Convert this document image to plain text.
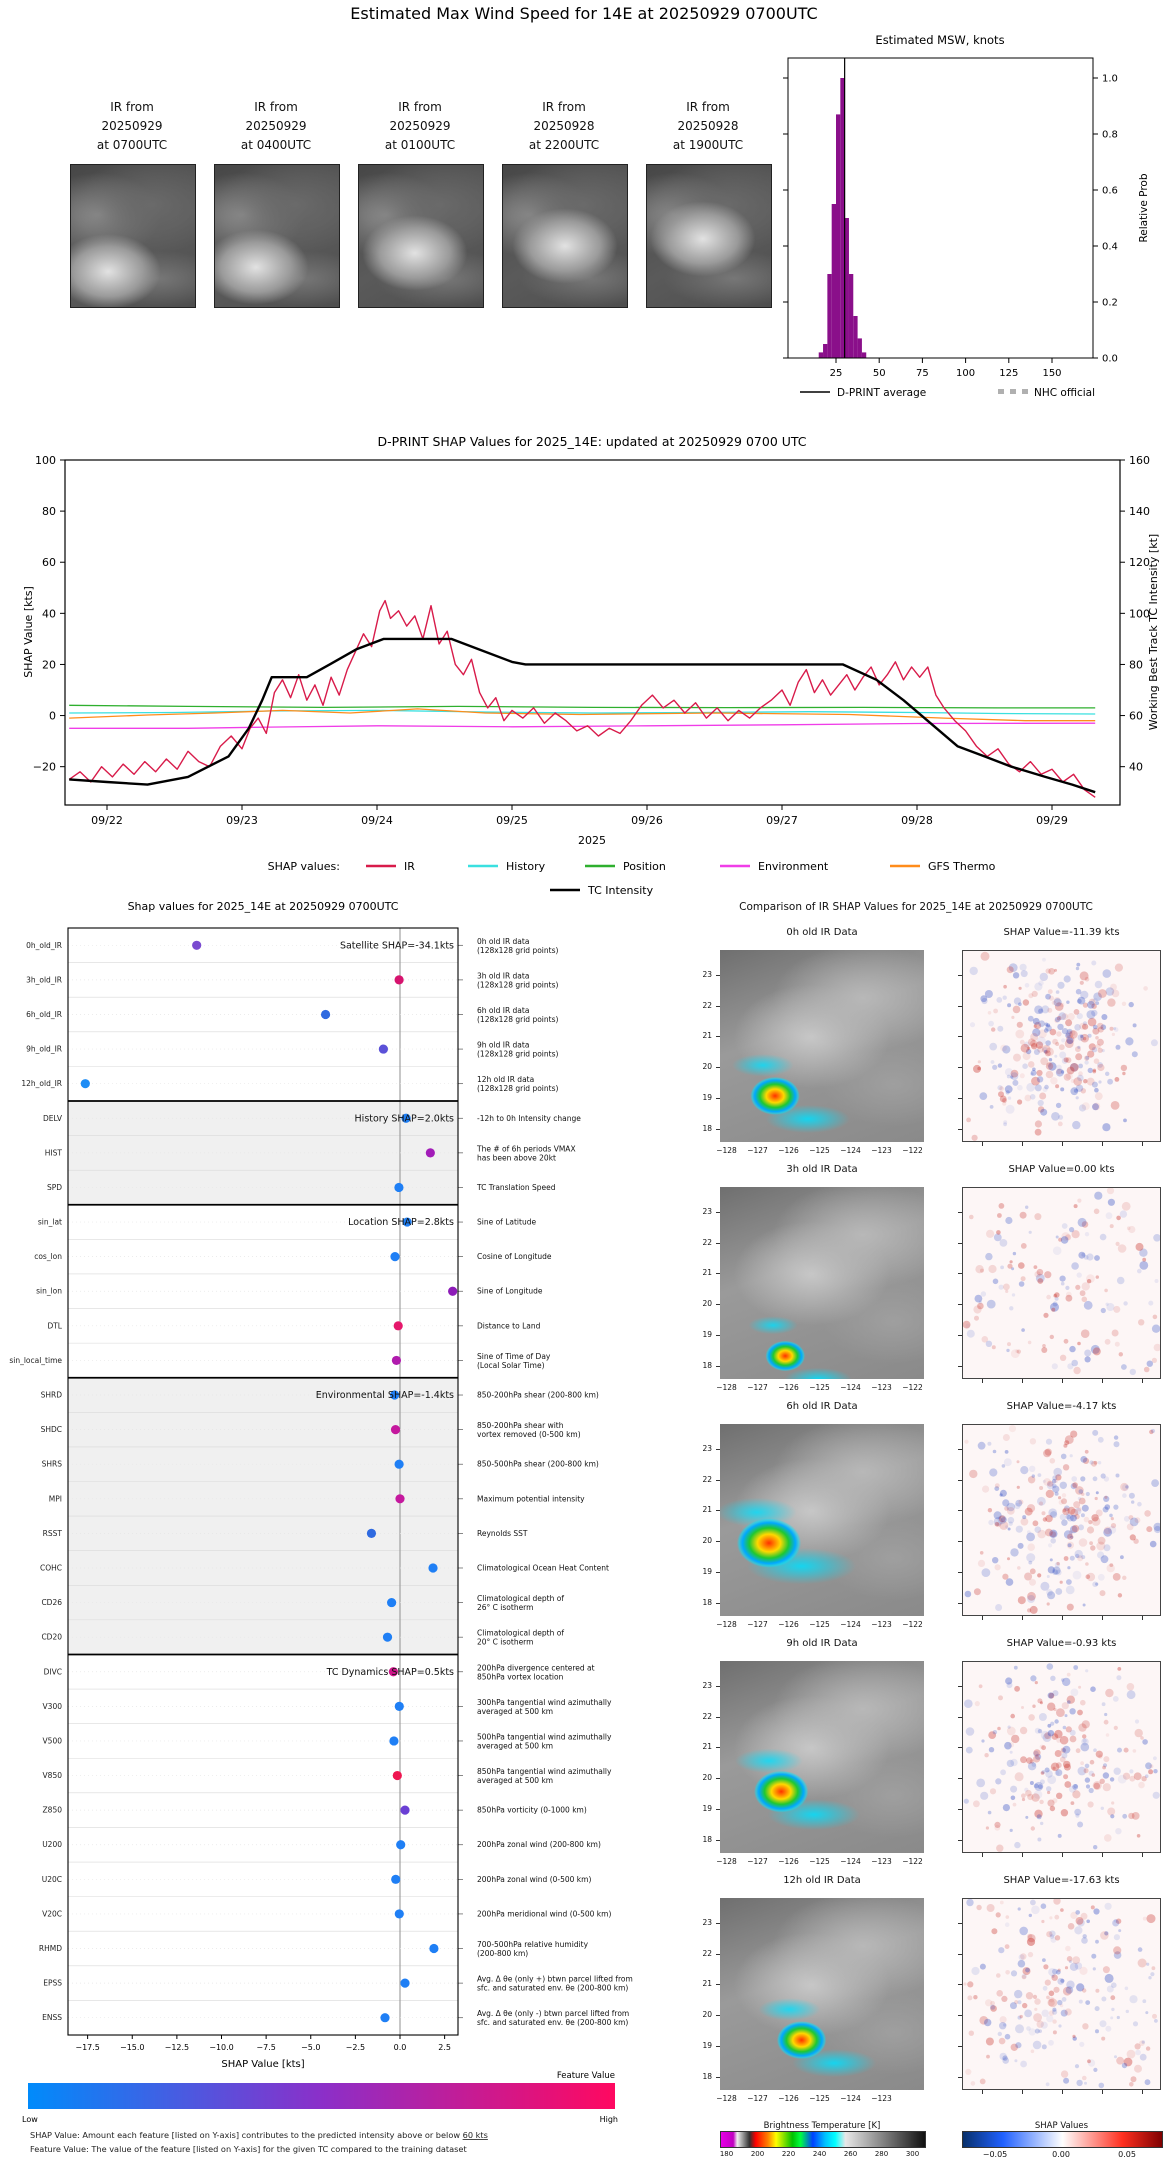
Estimated Max Wind Speed for 14E at 20250929 0700UTC
IR from
20250929
at 0700UTC
IR from
20250929
at 0400UTC
IR from
20250929
at 0100UTC
IR from
20250928
at 2200UTC
IR from
20250928
at 1900UTC
Estimated MSW, knots
0.0
0.2
0.4
0.6
0.8
1.0
Relative Prob
25	50	75	100 125 150
D-PRINT average	NHC official
D-PRINT SHAP Values for 2025_14E: updated at 20250929 0700 UTC
100
80
60
40
20
0
−20
160
140
120
100
80
60
40
SHAP Value [kts]	Working Best Track TC Intensity [kt]
09/22	09/23	09/24	09/25	09/26	09/27	09/28	09/29
2025
SHAP values:	IR	History	Position	Environment	GFS Thermo
TC Intensity
Shap values for 2025_14E at 20250929 0700UTC
0h_old_IR	0h old IR data
(128x128 grid points)
Satellite SHAP=-34.1kts
3h_old_IR	3h old IR data
(128x128 grid points)
6h_old_IR	6h old IR data
(128x128 grid points)
9h_old_IR	9h old IR data
(128x128 grid points)
12h_old_IR	12h old IR data
(128x128 grid points)
DELV	-12h to 0h Intensity change
History SHAP=2.0kts
HIST	The # of 6h periods VMAX
has been above 20kt
SPD	TC Translation Speed
sin_lat	Sine of Latitude
Location SHAP=2.8kts
cos_lon	Cosine of Longitude
sin_lon	Sine of Longitude
DTL	Distance to Land
sin_local_time	Sine of Time of Day
(Local Solar Time)
SHRD	850-200hPa shear (200-800 km)
Environmental SHAP=-1.4kts
SHDC	850-200hPa shear with
vortex removed (0-500 km)
SHRS	850-500hPa shear (200-800 km)
MPI	Maximum potential intensity
RSST	Reynolds SST
COHC	Climatological Ocean Heat Content
CD26	Climatological depth of
26° C isotherm
CD20	Climatological depth of
20° C isotherm
DIVC	200hPa divergence centered at
850hPa vortex location
TC Dynamics SHAP=0.5kts
V300	300hPa tangential wind azimuthally
averaged at 500 km
V500	500hPa tangential wind azimuthally
averaged at 500 km
V850	850hPa tangential wind azimuthally
averaged at 500 km
Z850	850hPa vorticity (0-1000 km)
U200	200hPa zonal wind (200-800 km)
U20C	200hPa zonal wind (0-500 km)
V20C	200hPa meridional wind (0-500 km)
RHMD	700-500hPa relative humidity
(200-800 km)
EPSS	Avg. Δ θe (only +) btwn parcel lifted from
sfc. and saturated env. θe (200-800 km)
ENSS	Avg. Δ θe (only -) btwn parcel lifted from
sfc. and saturated env. θe (200-800 km)
−17.5	−15.0	−12.5	−10.0	−7.5	−5.0	−2.5	0.0	2.5
SHAP Value [kts]
Feature Value
Low	High
SHAP Value: Amount each feature [listed on Y-axis] contributes to the predicted intensity above or below 60 kts
Feature Value: The value of the feature [listed on Y-axis] for the given TC compared to the training dataset
Comparison of IR SHAP Values for 2025_14E at 20250929 0700UTC
0h old IR Data	SHAP Value=-11.39 kts
23
22
21
20
19
18
−128	−127	−126	−125	−124	−123	−122
3h old IR Data	SHAP Value=0.00 kts
23
22
21
20
19
18
−128	−127	−126	−125	−124	−123	−122
6h old IR Data	SHAP Value=-4.17 kts
23
22
21
20
19
18
−128	−127	−126	−125	−124	−123	−122
9h old IR Data	SHAP Value=-0.93 kts
23
22
21
20
19
18
−128	−127	−126	−125	−124	−123	−122
12h old IR Data	SHAP Value=-17.63 kts
23
22
21
20
19
18
−128	−127	−126	−125	−124	−123
Brightness Temperature [K]
180	200	220	240	260	280	300
SHAP Values
−0.05	0.00	0.05
